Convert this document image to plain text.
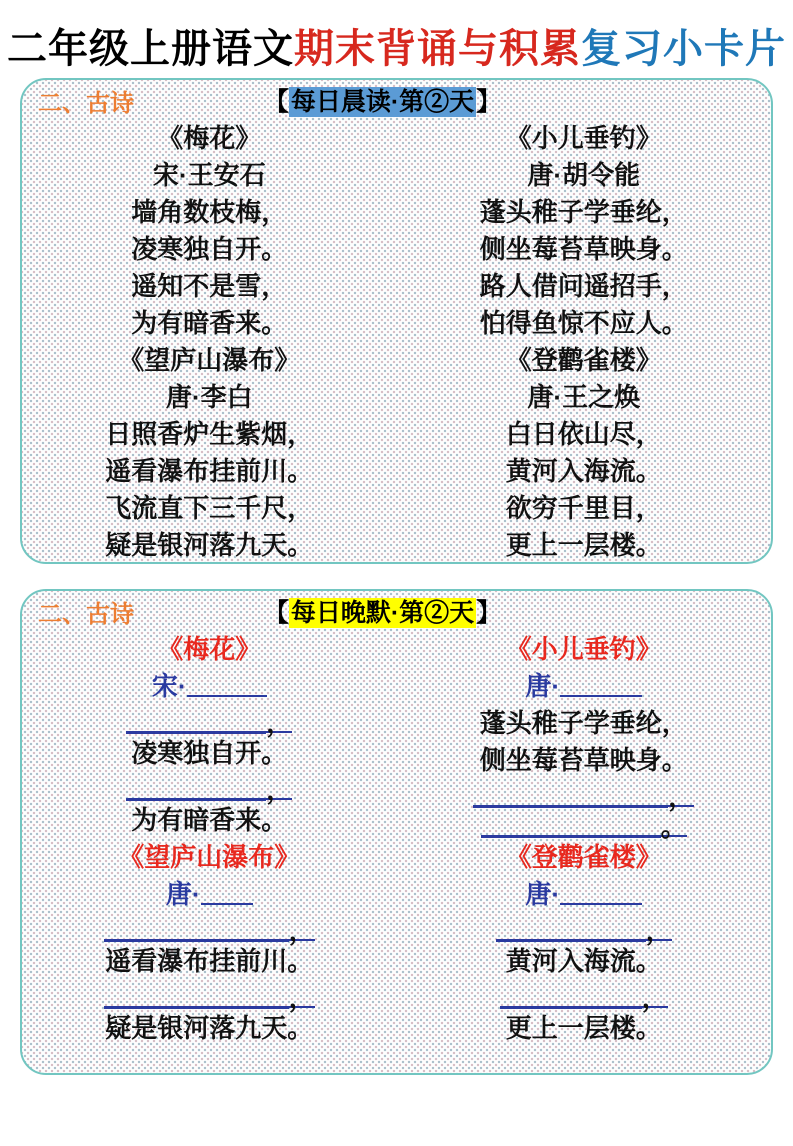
二年级上册语文期末背诵与积累复习小卡片
二、古诗	【每日晨读·第②天】
《梅花》
宋·王安石
墙角数枝梅，
凌寒独自开。
遥知不是雪，
为有暗香来。
《望庐山瀑布》
唐·李白
日照香炉生紫烟，
遥看瀑布挂前川。
飞流直下三千尺，
疑是银河落九天。
《小儿垂钓》
唐·胡令能
蓬头稚子学垂纶，
侧坐莓苔草映身。
路人借问遥招手，
怕得鱼惊不应人。
《登鹳雀楼》
唐·王之焕
白日依山尽，
黄河入海流。
欲穷千里目，
更上一层楼。
二、古诗	【每日晚默·第②天】
《梅花》
宋·
，
凌寒独自开。
，
为有暗香来。
《望庐山瀑布》
唐·
，
遥看瀑布挂前川。
，
疑是银河落九天。
《小儿垂钓》
唐·
蓬头稚子学垂纶，
侧坐莓苔草映身。
，。
《登鹳雀楼》
唐·
，
黄河入海流。
，
更上一层楼。
